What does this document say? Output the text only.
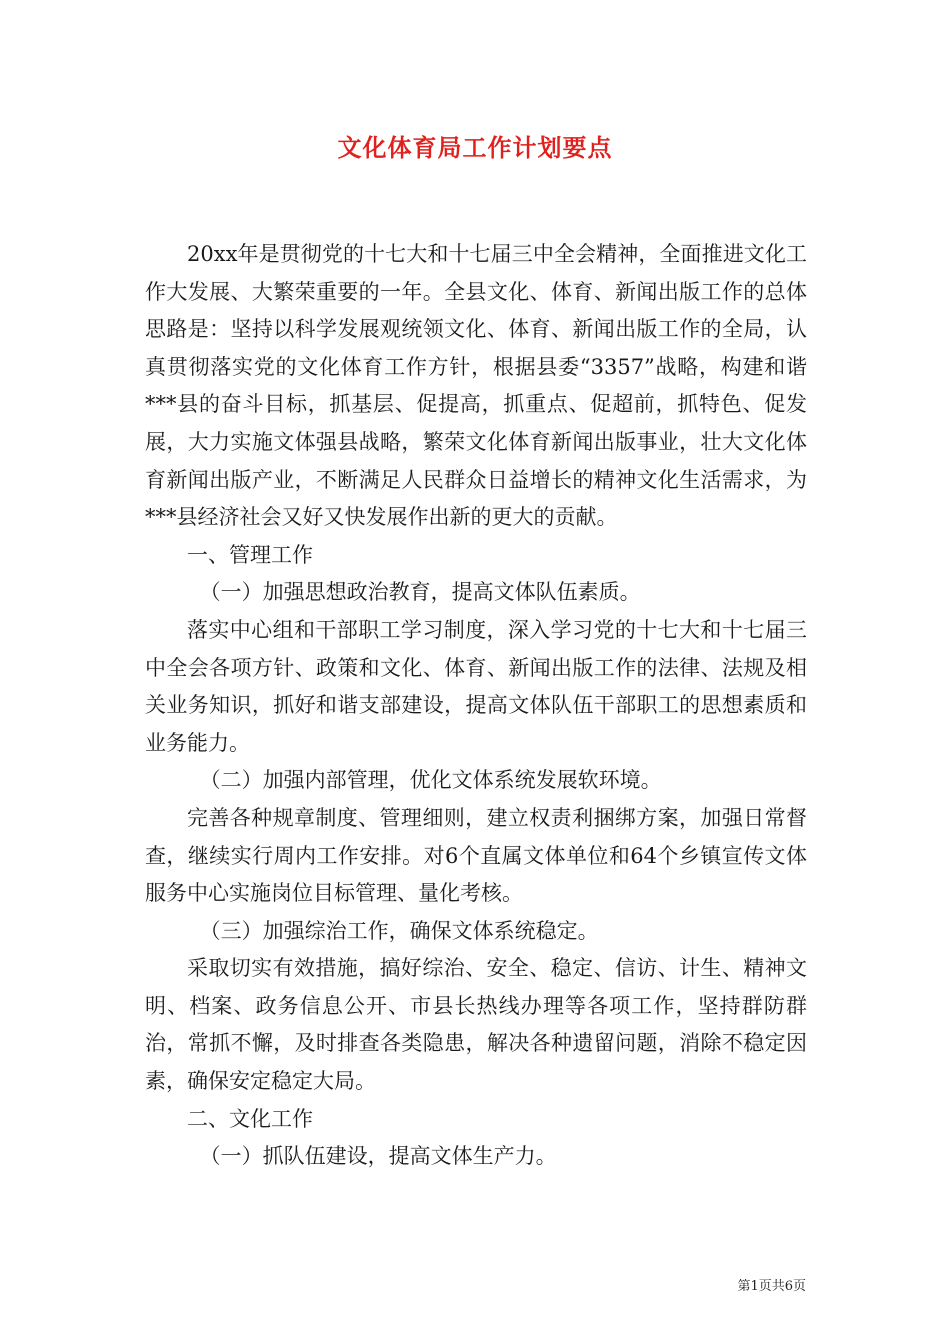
文化体育局工作计划要点

20xx年是贯彻党的十七大和十七届三中全会精神，全面推进文化工作大发展、大繁荣重要的一年。全县文化、体育、新闻出版工作的总体思路是：坚持以科学发展观统领文化、体育、新闻出版工作的全局，认真贯彻落实党的文化体育工作方针，根据县委“3357”战略，构建和谐***县的奋斗目标，抓基层、促提高，抓重点、促超前，抓特色、促发展，大力实施文体强县战略，繁荣文化体育新闻出版事业，壮大文化体育新闻出版产业，不断满足人民群众日益增长的精神文化生活需求，为***县经济社会又好又快发展作出新的更大的贡献。

一、管理工作

（一）加强思想政治教育，提高文体队伍素质。

落实中心组和干部职工学习制度，深入学习党的十七大和十七届三中全会各项方针、政策和文化、体育、新闻出版工作的法律、法规及相关业务知识，抓好和谐支部建设，提高文体队伍干部职工的思想素质和业务能力。

（二）加强内部管理，优化文体系统发展软环境。

完善各种规章制度、管理细则，建立权责利捆绑方案，加强日常督查，继续实行周内工作安排。对6个直属文体单位和64个乡镇宣传文体服务中心实施岗位目标管理、量化考核。

（三）加强综治工作，确保文体系统稳定。

采取切实有效措施，搞好综治、安全、稳定、信访、计生、精神文明、档案、政务信息公开、市县长热线办理等各项工作，坚持群防群治，常抓不懈，及时排查各类隐患，解决各种遗留问题，消除不稳定因素，确保安定稳定大局。

二、文化工作

（一）抓队伍建设，提高文体生产力。

第1页共6页
